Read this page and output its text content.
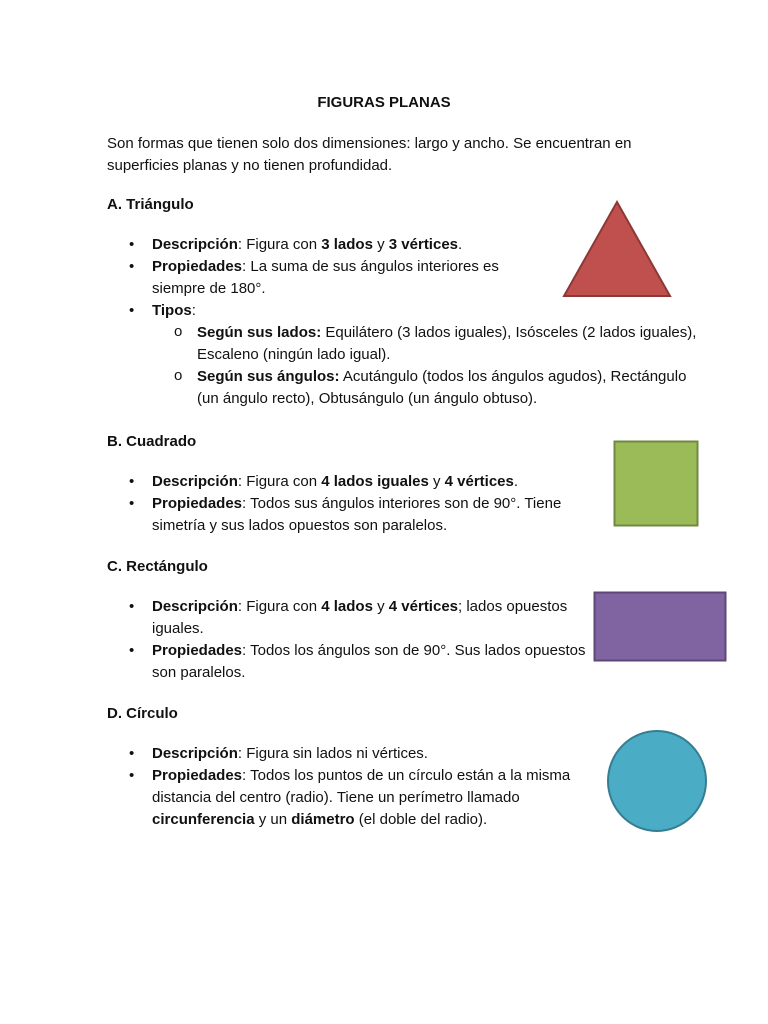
FIGURAS PLANAS
Son formas que tienen solo dos dimensiones: largo y ancho. Se encuentran en superficies planas y no tienen profundidad.
A. Triángulo
• Descripción: Figura con 3 lados y 3 vértices.
• Propiedades: La suma de sus ángulos interiores es siempre de 180°.
• Tipos:
o Según sus lados: Equilátero (3 lados iguales), Isósceles (2 lados iguales), Escaleno (ningún lado igual).
o Según sus ángulos: Acutángulo (todos los ángulos agudos), Rectángulo (un ángulo recto), Obtusángulo (un ángulo obtuso).
B. Cuadrado
• Descripción: Figura con 4 lados iguales y 4 vértices.
• Propiedades: Todos sus ángulos interiores son de 90°. Tiene simetría y sus lados opuestos son paralelos.
C. Rectángulo
• Descripción: Figura con 4 lados y 4 vértices; lados opuestos iguales.
• Propiedades: Todos los ángulos son de 90°. Sus lados opuestos son paralelos.
D. Círculo
• Descripción: Figura sin lados ni vértices.
• Propiedades: Todos los puntos de un círculo están a la misma distancia del centro (radio). Tiene un perímetro llamado circunferencia y un diámetro (el doble del radio).
